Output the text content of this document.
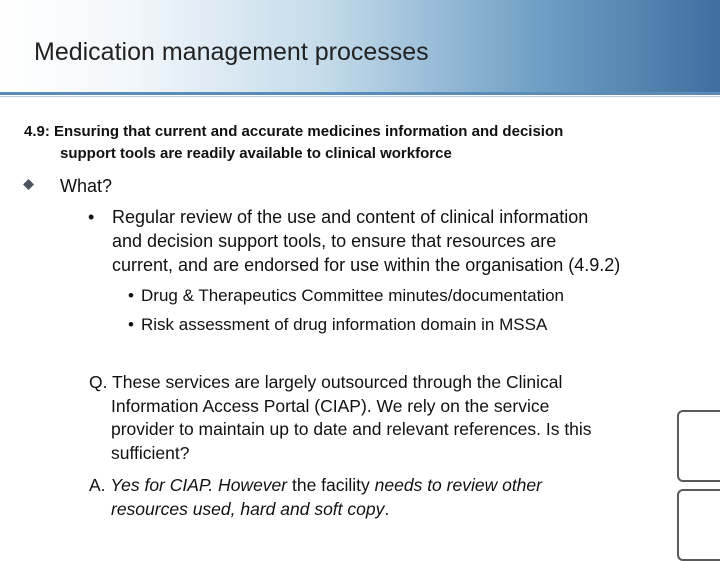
Medication management processes
4.9: Ensuring that current and accurate medicines information and decision
support tools are readily available to clinical workforce
What?
• Regular review of the use and content of clinical information
and decision support tools, to ensure that resources are
current, and are endorsed for use within the organisation (4.9.2)
• Drug & Therapeutics Committee minutes/documentation
• Risk assessment of drug information domain in MSSA
Q. These services are largely outsourced through the Clinical
Information Access Portal (CIAP). We rely on the service
provider to maintain up to date and relevant references. Is this
sufficient?
A. Yes for CIAP. However the facility needs to review other
resources used, hard and soft copy.
